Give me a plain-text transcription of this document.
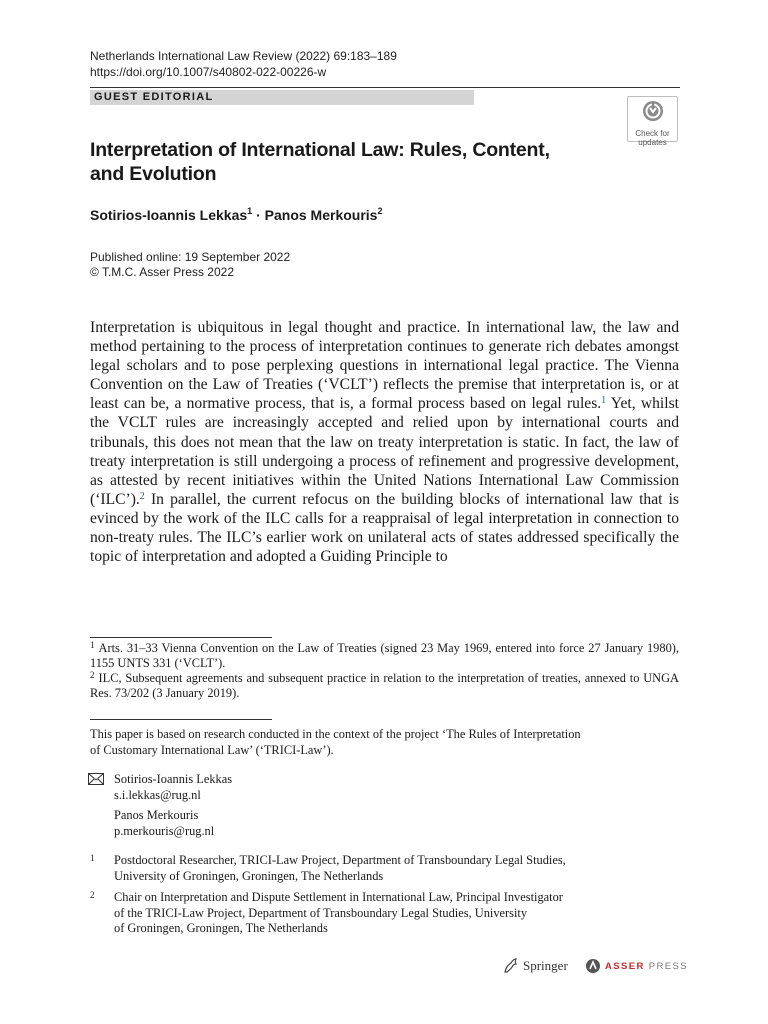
Netherlands International Law Review (2022) 69:183–189
https://doi.org/10.1007/s40802-022-00226-w
GUEST EDITORIAL
Check for updates
Interpretation of International Law: Rules, Content,
and Evolution
Sotirios-Ioannis Lekkas$^1$ · Panos Merkouris$^2$
Published online: 19 September 2022
© T.M.C. Asser Press 2022
Interpretation is ubiquitous in legal thought and practice. In international law, the law and method pertaining to the process of interpretation continues to generate rich debates amongst legal scholars and to pose perplexing questions in international legal practice. The Vienna Convention on the Law of Treaties (‘VCLT’) reflects the premise that interpretation is, or at least can be, a normative process, that is, a formal process based on legal rules.$^1$ Yet, whilst the VCLT rules are increasingly accepted and relied upon by international courts and tribunals, this does not mean that the law on treaty interpretation is static. In fact, the law of treaty interpretation is still undergoing a process of refinement and progressive development, as attested by recent initiatives within the United Nations International Law Commission (‘ILC’).$^2$ In parallel, the current refocus on the building blocks of international law that is evinced by the work of the ILC calls for a reappraisal of legal interpretation in connection to non-treaty rules. The ILC’s earlier work on unilateral acts of states addressed specifically the topic of interpretation and adopted a Guiding Principle to
$^1$ Arts. 31–33 Vienna Convention on the Law of Treaties (signed 23 May 1969, entered into force 27 January 1980), 1155 UNTS 331 (‘VCLT’).
$^2$ ILC, Subsequent agreements and subsequent practice in relation to the interpretation of treaties, annexed to UNGA Res. 73/202 (3 January 2019).
This paper is based on research conducted in the context of the project ‘The Rules of Interpretation
of Customary International Law’ (‘TRICI-Law’).
Sotirios-Ioannis Lekkas
s.i.lekkas@rug.nl
Panos Merkouris
p.merkouris@rug.nl
1 Postdoctoral Researcher, TRICI-Law Project, Department of Transboundary Legal Studies,
University of Groningen, Groningen, The Netherlands
2 Chair on Interpretation and Dispute Settlement in International Law, Principal Investigator
of the TRICI-Law Project, Department of Transboundary Legal Studies, University
of Groningen, Groningen, The Netherlands
Springer	ASSER PRESS
